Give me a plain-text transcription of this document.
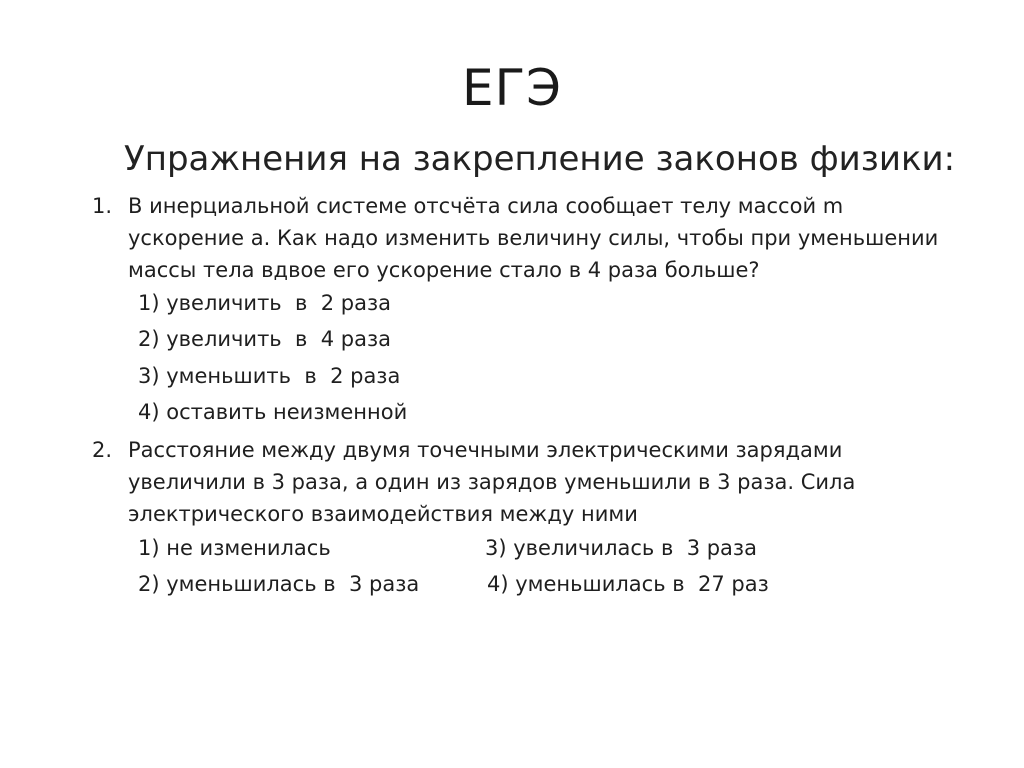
ЕГЭ
Упражнения на закрепление законов физики:
1. В инерциальной системе отсчёта сила сообщает телу массой m
ускорение а. Как надо изменить величину силы, чтобы при уменьшении
массы тела вдвое его ускорение стало в 4 раза больше?
1) увеличить  в  2 раза
2) увеличить  в  4 раза
3) уменьшить  в  2 раза
4) оставить неизменной
2. Расстояние между двумя точечными электрическими зарядами
увеличили в 3 раза, а один из зарядов уменьшили в 3 раза. Сила
электрического взаимодействия между ними
1) не изменилась	3) увеличилась в  3 раза
2) уменьшилась в  3 раза	4) уменьшилась в  27 раз
